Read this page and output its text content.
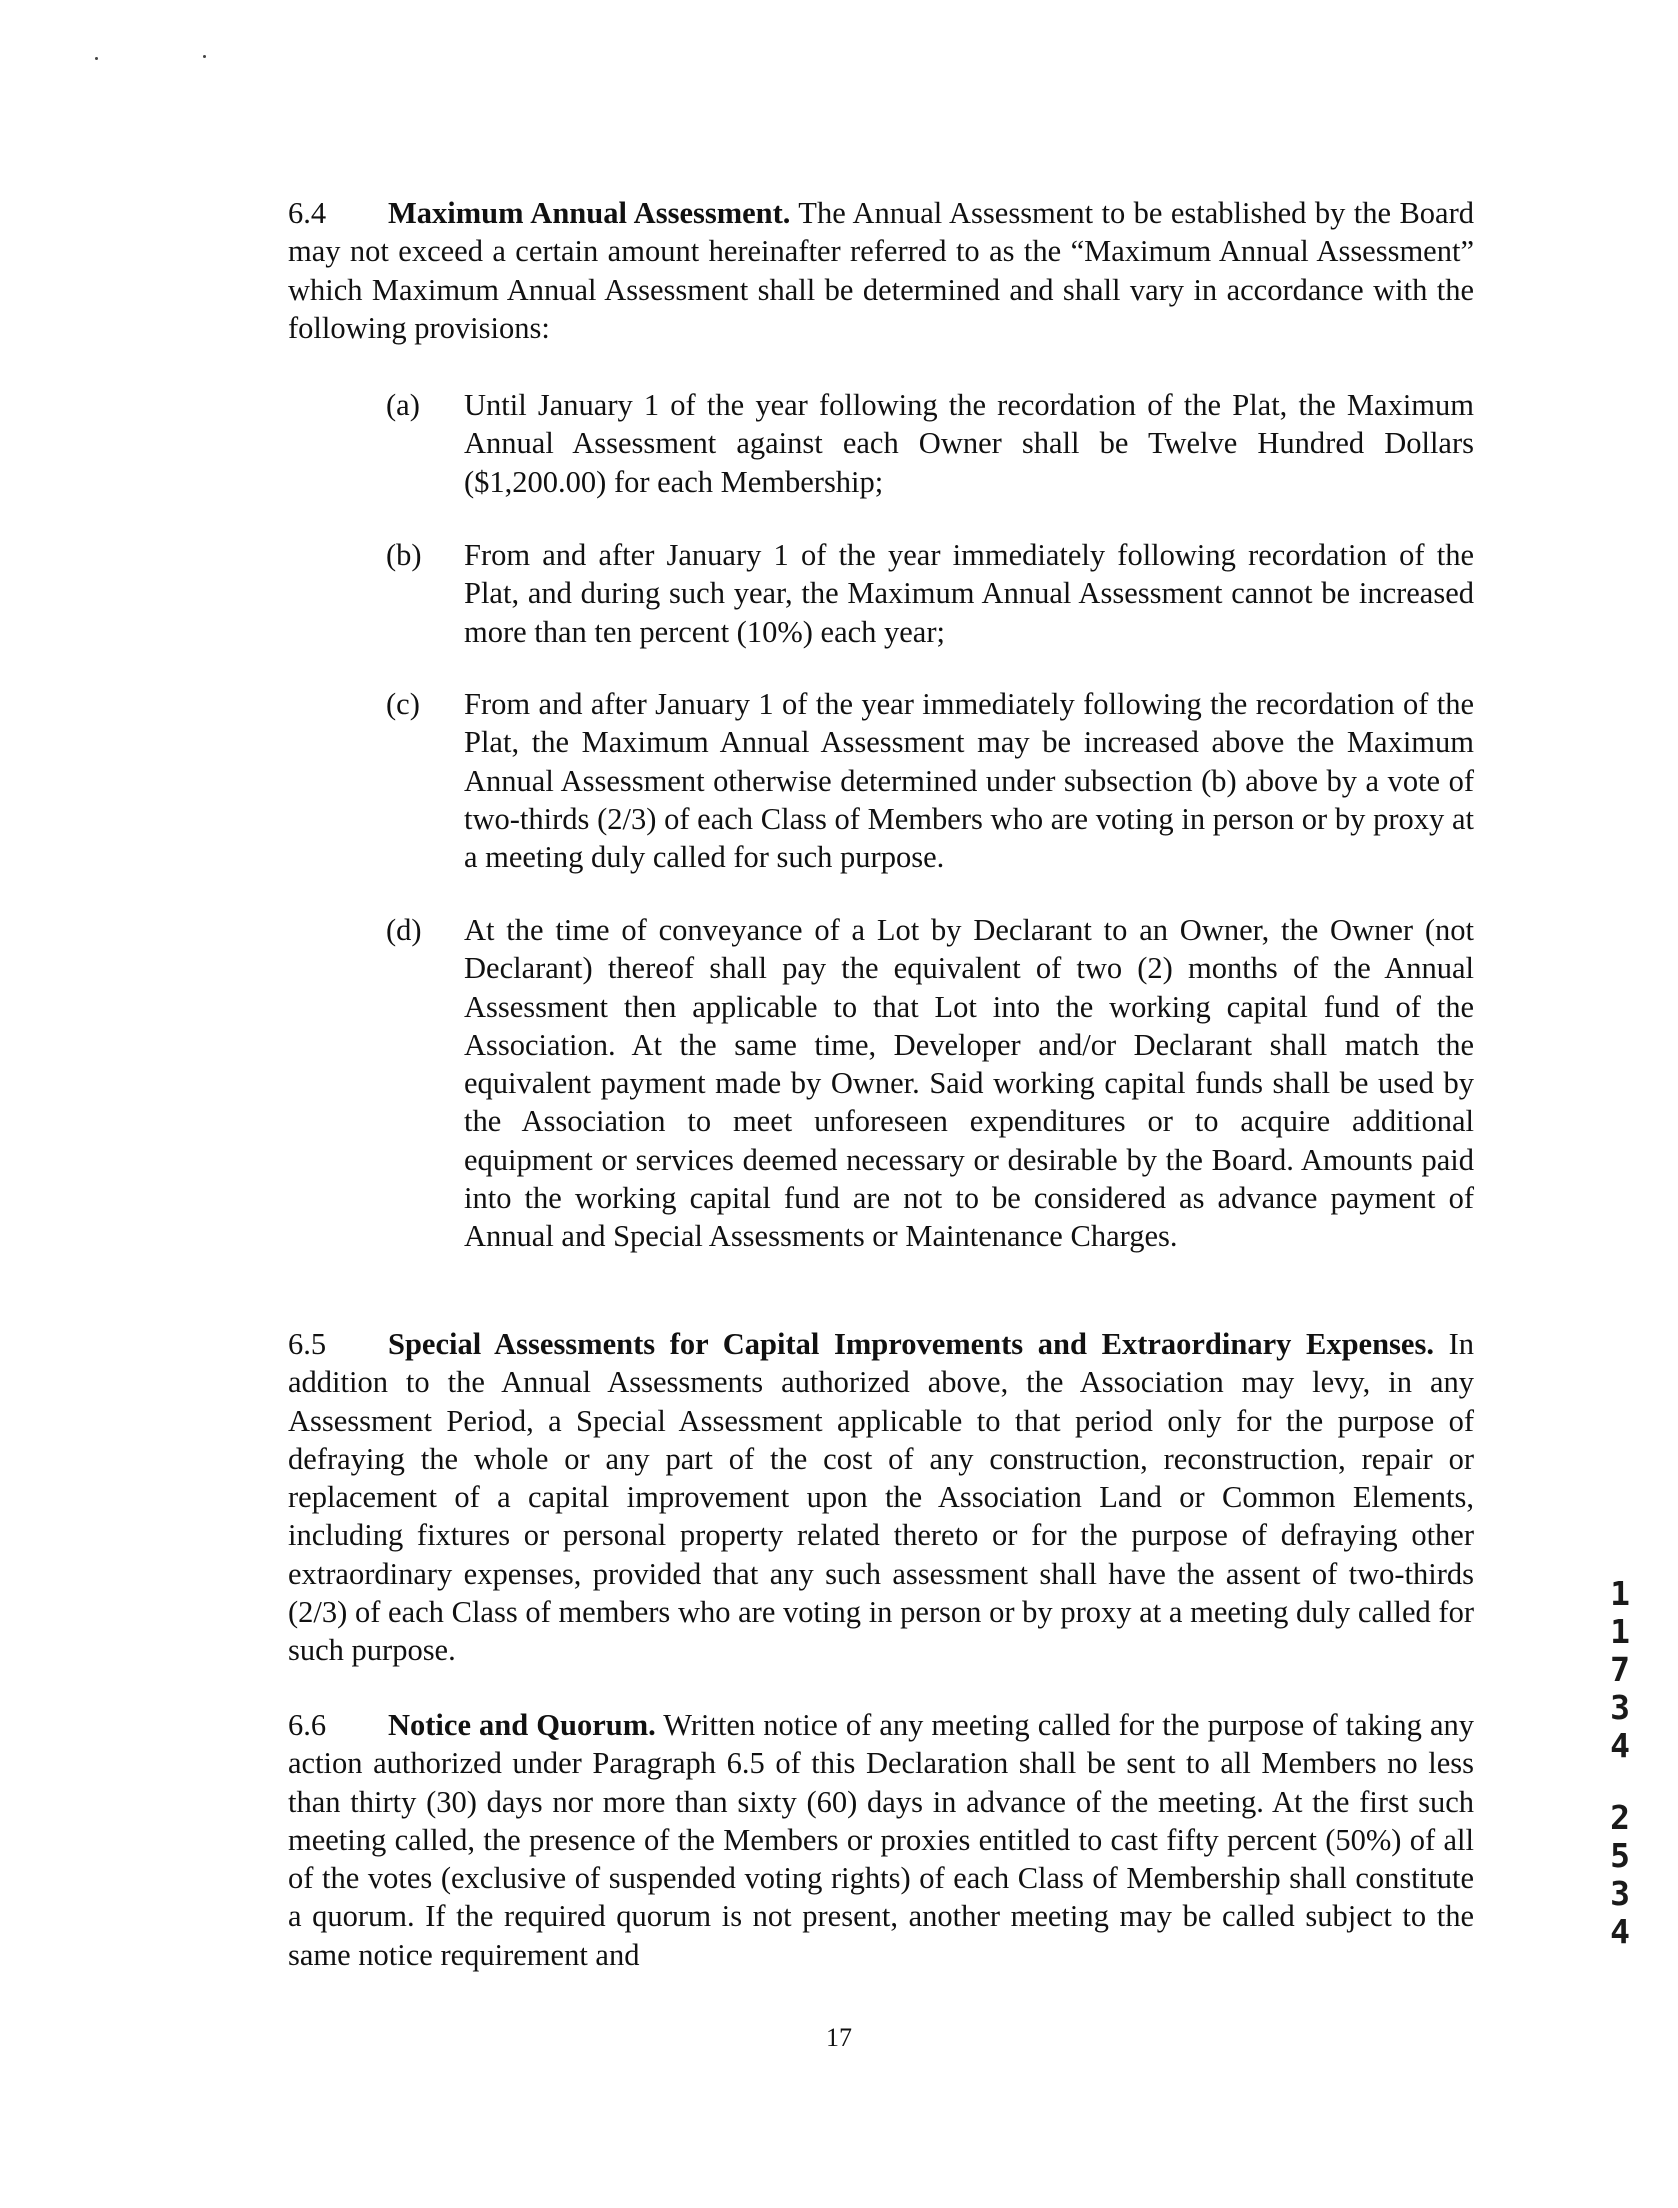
6.4 Maximum Annual Assessment. The Annual Assessment to be established by the Board may not exceed a certain amount hereinafter referred to as the “Maximum Annual Assessment” which Maximum Annual Assessment shall be determined and shall vary in accordance with the following provisions:
(a)	Until January 1 of the year following the recordation of the Plat, the Maximum Annual Assessment against each Owner shall be Twelve Hundred Dollars ($1,200.00) for each Membership;
(b)	From and after January 1 of the year immediately following recordation of the Plat, and during such year, the Maximum Annual Assessment cannot be increased more than ten percent (10%) each year;
(c)	From and after January 1 of the year immediately following the recordation of the Plat, the Maximum Annual Assessment may be increased above the Maximum Annual Assessment otherwise determined under subsection (b) above by a vote of two-thirds (2/3) of each Class of Members who are voting in person or by proxy at a meeting duly called for such purpose.
(d)	At the time of conveyance of a Lot by Declarant to an Owner, the Owner (not Declarant) thereof shall pay the equivalent of two (2) months of the Annual Assessment then applicable to that Lot into the working capital fund of the Association. At the same time, Developer and/or Declarant shall match the equivalent payment made by Owner. Said working capital funds shall be used by the Association to meet unforeseen expenditures or to acquire additional equipment or services deemed necessary or desirable by the Board. Amounts paid into the working capital fund are not to be considered as advance payment of Annual and Special Assessments or Maintenance Charges.
6.5 Special Assessments for Capital Improvements and Extraordinary Expenses. In addition to the Annual Assessments authorized above, the Association may levy, in any Assessment Period, a Special Assessment applicable to that period only for the purpose of defraying the whole or any part of the cost of any construction, reconstruction, repair or replacement of a capital improvement upon the Association Land or Common Elements, including fixtures or personal property related thereto or for the purpose of defraying other extraordinary expenses, provided that any such assessment shall have the assent of two-thirds (2/3) of each Class of members who are voting in person or by proxy at a meeting duly called for such purpose.
6.6 Notice and Quorum. Written notice of any meeting called for the purpose of taking any action authorized under Paragraph 6.5 of this Declaration shall be sent to all Members no less than thirty (30) days nor more than sixty (60) days in advance of the meeting. At the first such meeting called, the presence of the Members or proxies entitled to cast fifty percent (50%) of all of the votes (exclusive of suspended voting rights) of each Class of Membership shall constitute a quorum. If the required quorum is not present, another meeting may be called subject to the same notice requirement and
1
1
7
3
4
2
5
3
4
17
